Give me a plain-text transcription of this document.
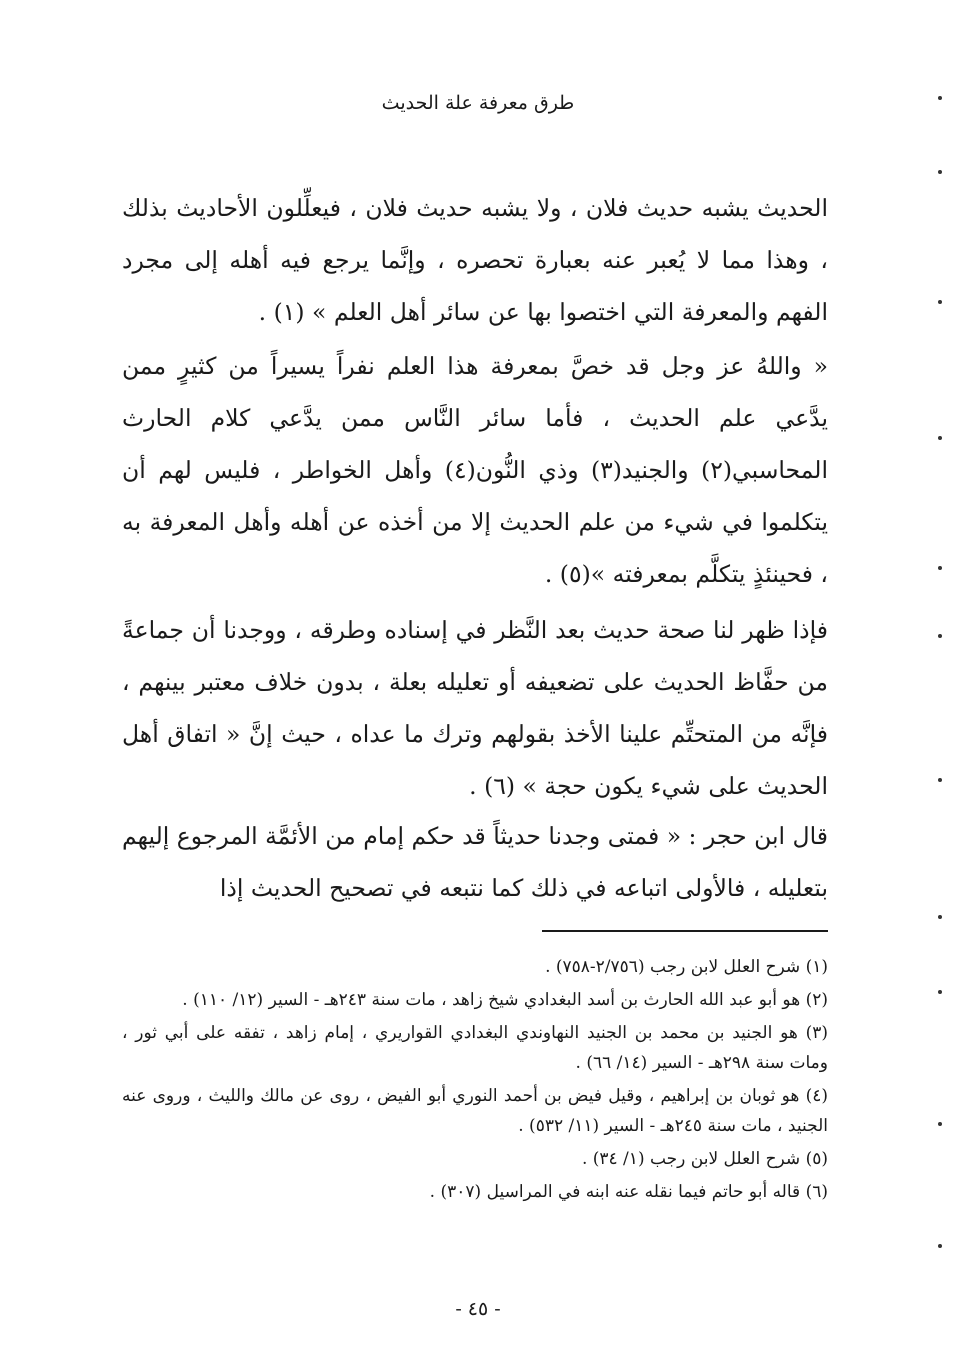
طرق معرفة علة الحديث

الحديث يشبه حديث فلان ، ولا يشبه حديث فلان ، فيعلِّلون الأحاديث بذلك ، وهذا مما لا يُعبر عنه بعبارة تحصره ، وإنَّما يرجع فيه أهله إلى مجرد الفهم والمعرفة التي اختصوا بها عن سائر أهل العلم » (١) .

« واللهُ عز وجل قد خصَّ بمعرفة هذا العلم نفراً يسيراً من كثيرٍ ممن يدَّعي علم الحديث ، فأما سائر النَّاس ممن يدَّعي كلام الحارث المحاسبي(٢) والجنيد(٣) وذي النُّون(٤) وأهل الخواطر ، فليس لهم أن يتكلموا في شيء من علم الحديث إلا من أخذه عن أهله وأهل المعرفة به ، فحينئذٍ يتكلَّم بمعرفته »(٥) .

فإذا ظهر لنا صحة حديث بعد النَّظر في إسناده وطرقه ، ووجدنا أن جماعةً من حفَّاظ الحديث على تضعيفه أو تعليله بعلة ، بدون خلاف معتبر بينهم ، فإنَّه من المتحتِّم علينا الأخذ بقولهم وترك ما عداه ، حيث إنَّ « اتفاق أهل الحديث على شيء يكون حجة » (٦) .

قال ابن حجر : « فمتى وجدنا حديثاً قد حكم إمام من الأئمَّة المرجوع إليهم بتعليله ، فالأولى اتباعه في ذلك كما نتبعه في تصحيح الحديث إذا

(١) شرح العلل لابن رجب (٢/٧٥٦-٧٥٨) .

(٢) هو أبو عبد الله الحارث بن أسد البغدادي شيخ زاهد ، مات سنة ٢٤٣هـ - السير (١٢/ ١١٠) .

(٣) هو الجنيد بن محمد بن الجنيد النهاوندي البغدادي القواريري ، إمام زاهد ، تفقه على أبي ثور ، ومات سنة ٢٩٨هـ - السير (١٤/ ٦٦) .

(٤) هو ثوبان بن إبراهيم ، وقيل فيض بن أحمد النوري أبو الفيض ، روى عن مالك والليث ، وروى عنه الجنيد ، مات سنة ٢٤٥هـ - السير (١١/ ٥٣٢) .

(٥) شرح العلل لابن رجب (١/ ٣٤) .

(٦) قاله أبو حاتم فيما نقله عنه ابنه في المراسيل (٣٠٧) .

- ٤٥ -
